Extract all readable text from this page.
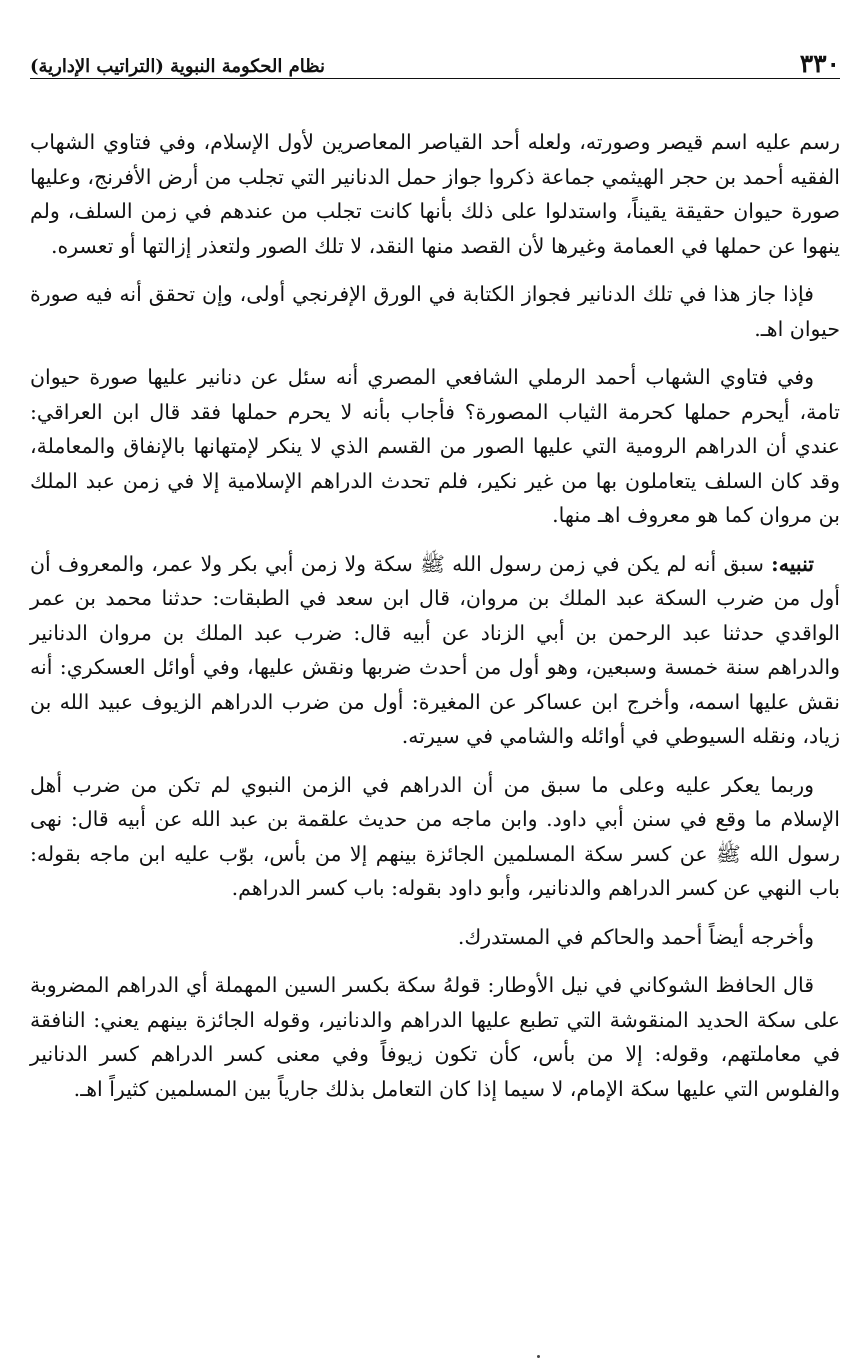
٣٣٠
نظام الحكومة النبوية (التراتيب الإدارية)

رسم عليه اسم قيصر وصورته، ولعله أحد القياصر المعاصرين لأول الإسلام، وفي فتاوي الشهاب الفقيه أحمد بن حجر الهيثمي جماعة ذكروا جواز حمل الدنانير التي تجلب من أرض الأفرنج، وعليها صورة حيوان حقيقة يقيناً، واستدلوا على ذلك بأنها كانت تجلب من عندهم في زمن السلف، ولم ينهوا عن حملها في العمامة وغيرها لأن القصد منها النقد، لا تلك الصور ولتعذر إزالتها أو تعسره.

فإذا جاز هذا في تلك الدنانير فجواز الكتابة في الورق الإفرنجي أولى، وإن تحقق أنه فيه صورة حيوان اهـ.

وفي فتاوي الشهاب أحمد الرملي الشافعي المصري أنه سئل عن دنانير عليها صورة حيوان تامة، أيحرم حملها كحرمة الثياب المصورة؟ فأجاب بأنه لا يحرم حملها فقد قال ابن العراقي: عندي أن الدراهم الرومية التي عليها الصور من القسم الذي لا ينكر لإمتهانها بالإنفاق والمعاملة، وقد كان السلف يتعاملون بها من غير نكير، فلم تحدث الدراهم الإسلامية إلا في زمن عبد الملك بن مروان كما هو معروف اهـ منها.

تنبيه: سبق أنه لم يكن في زمن رسول الله ﷺ سكة ولا زمن أبي بكر ولا عمر، والمعروف أن أول من ضرب السكة عبد الملك بن مروان، قال ابن سعد في الطبقات: حدثنا محمد بن عمر الواقدي حدثنا عبد الرحمن بن أبي الزناد عن أبيه قال: ضرب عبد الملك بن مروان الدنانير والدراهم سنة خمسة وسبعين، وهو أول من أحدث ضربها ونقش عليها، وفي أوائل العسكري: أنه نقش عليها اسمه، وأخرج ابن عساكر عن المغيرة: أول من ضرب الدراهم الزيوف عبيد الله بن زياد، ونقله السيوطي في أوائله والشامي في سيرته.

وربما يعكر عليه وعلى ما سبق من أن الدراهم في الزمن النبوي لم تكن من ضرب أهل الإسلام ما وقع في سنن أبي داود. وابن ماجه من حديث علقمة بن عبد الله عن أبيه قال: نهى رسول الله ﷺ عن كسر سكة المسلمين الجائزة بينهم إلا من بأس، بوّب عليه ابن ماجه بقوله: باب النهي عن كسر الدراهم والدنانير، وأبو داود بقوله: باب كسر الدراهم.

وأخرجه أيضاً أحمد والحاكم في المستدرك.

قال الحافظ الشوكاني في نيل الأوطار: قولهُ سكة بكسر السين المهملة أي الدراهم المضروبة على سكة الحديد المنقوشة التي تطبع عليها الدراهم والدنانير، وقوله الجائزة بينهم يعني: النافقة في معاملتهم، وقوله: إلا من بأس، كأن تكون زيوفاً وفي معنى كسر الدراهم كسر الدنانير والفلوس التي عليها سكة الإمام، لا سيما إذا كان التعامل بذلك جارياً بين المسلمين كثيراً اهـ.
